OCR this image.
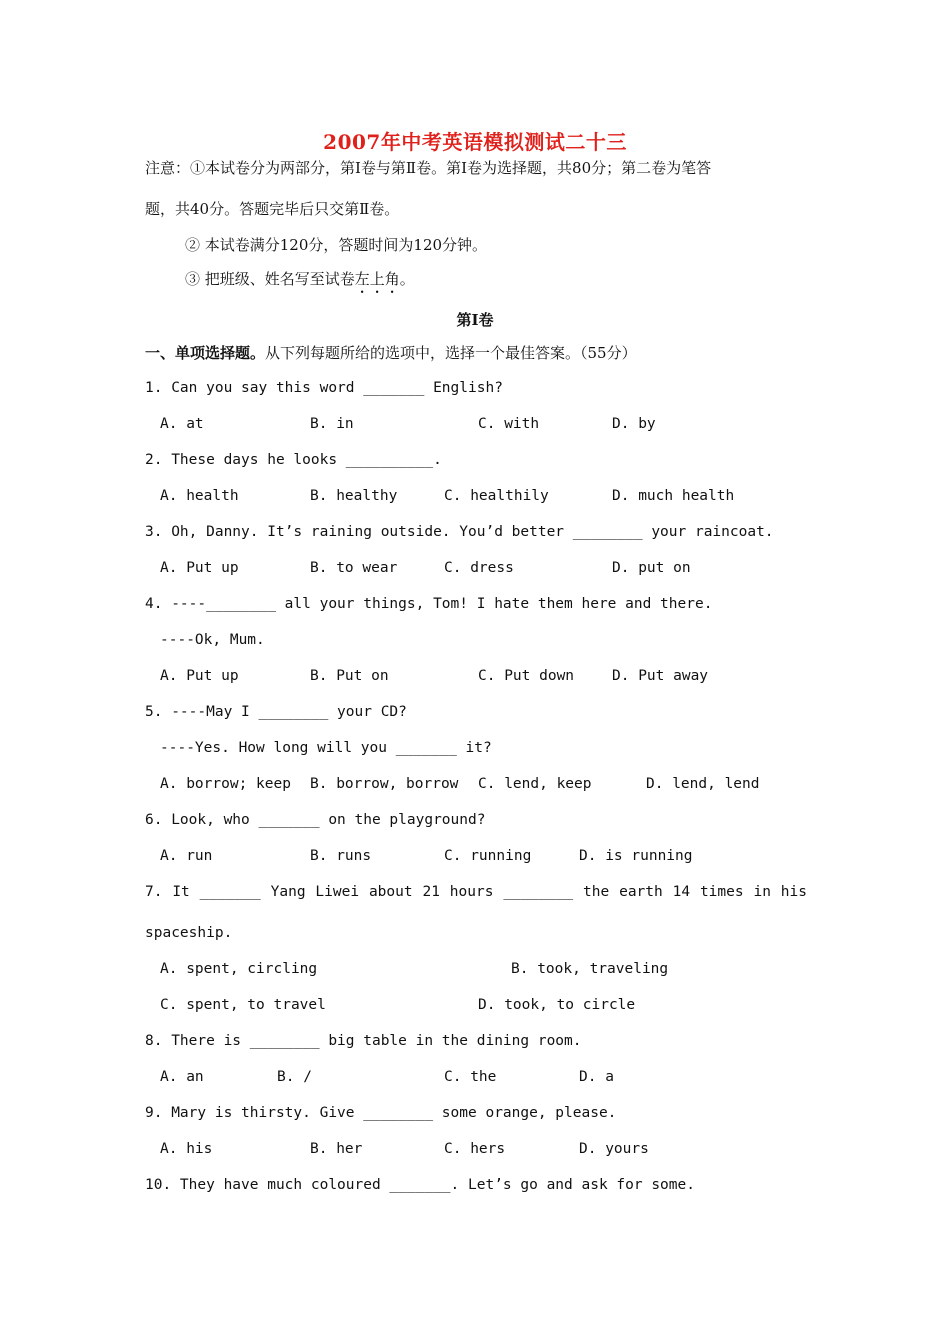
2007年中考英语模拟测试二十三
注意：①本试卷分为两部分，第Ⅰ卷与第Ⅱ卷。第Ⅰ卷为选择题，共80分；第二卷为笔答
题，共40分。答题完毕后只交第Ⅱ卷。
② 本试卷满分120分，答题时间为120分钟。
③ 把班级、姓名写至试卷左上角。
第Ⅰ卷
一、单项选择题。从下列每题所给的选项中，选择一个最佳答案。（55分）
1. Can you say this word _______ English?
A. at	B. in	C. with	D. by
2. These days he looks __________.
A. health	B. healthy	C. healthily	D. much health
3. Oh, Danny. It’s raining outside. You’d better ________ your raincoat.
A. Put up	B. to wear	C. dress	D. put on
4. ----________ all your things, Tom! I hate them here and there.
----Ok, Mum.
A. Put up	B. Put on	C. Put down	D. Put away
5. ----May I ________ your CD?
----Yes. How long will you _______ it?
A. borrow; keep B. borrow, borrow C. lend, keep	D. lend, lend
6. Look, who _______ on the playground?
A. run	B. runs	C. running	D. is running
7. It _______ Yang Liwei about 21 hours ________ the earth 14 times in his
spaceship.
A. spent, circling	B. took, traveling
C. spent, to travel	D. took, to circle
8. There is ________ big table in the dining room.
A. an	B. /	C. the	D. a
9. Mary is thirsty. Give ________ some orange, please.
A. his	B. her	C. hers	D. yours
10. They have much coloured _______. Let’s go and ask for some.
